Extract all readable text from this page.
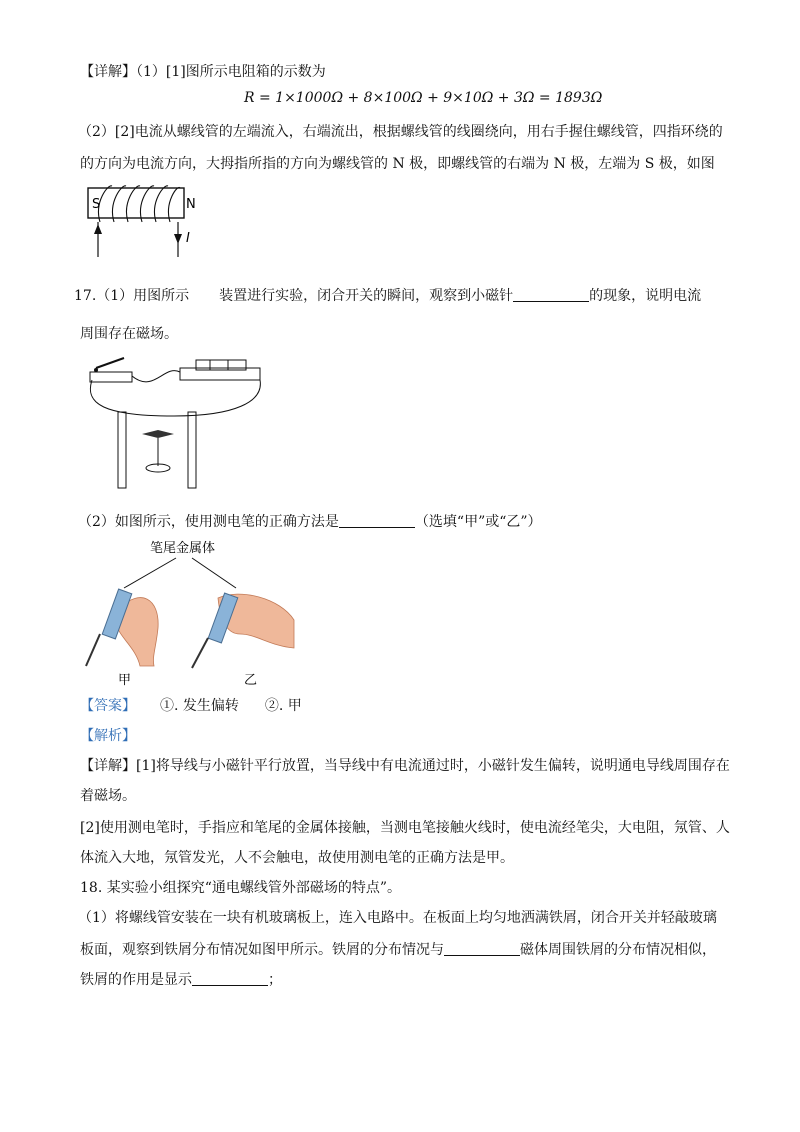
【详解】（1）[1]图所示电阻箱的示数为
R = 1×1000Ω + 8×100Ω + 9×10Ω + 3Ω = 1893Ω
（2）[2]电流从螺线管的左端流入，右端流出，根据螺线管的线圈绕向，用右手握住螺线管，四指环绕的
的方向为电流方向，大拇指所指的方向为螺线管的 N 极，即螺线管的右端为 N 极，左端为 S 极，如图
S	N
I
17.（1）用图所示 装置进行实验，闭合开关的瞬间，观察到小磁针	的现象，说明电流
周围存在磁场。
（2）如图所示，使用测电笔的正确方法是	（选填“甲”或“乙”）
笔尾金属体
甲	乙
【答案】 ①. 发生偏转 ②. 甲
【解析】
【详解】[1]将导线与小磁针平行放置，当导线中有电流通过时，小磁针发生偏转，说明通电导线周围存在
着磁场。
[2]使用测电笔时，手指应和笔尾的金属体接触，当测电笔接触火线时，使电流经笔尖，大电阻，氖管、人
体流入大地，氖管发光，人不会触电，故使用测电笔的正确方法是甲。
18. 某实验小组探究“通电螺线管外部磁场的特点”。
（1）将螺线管安装在一块有机玻璃板上，连入电路中。在板面上均匀地洒满铁屑，闭合开关并轻敲玻璃
板面，观察到铁屑分布情况如图甲所示。铁屑的分布情况与	磁体周围铁屑的分布情况相似，
铁屑的作用是显示	；
